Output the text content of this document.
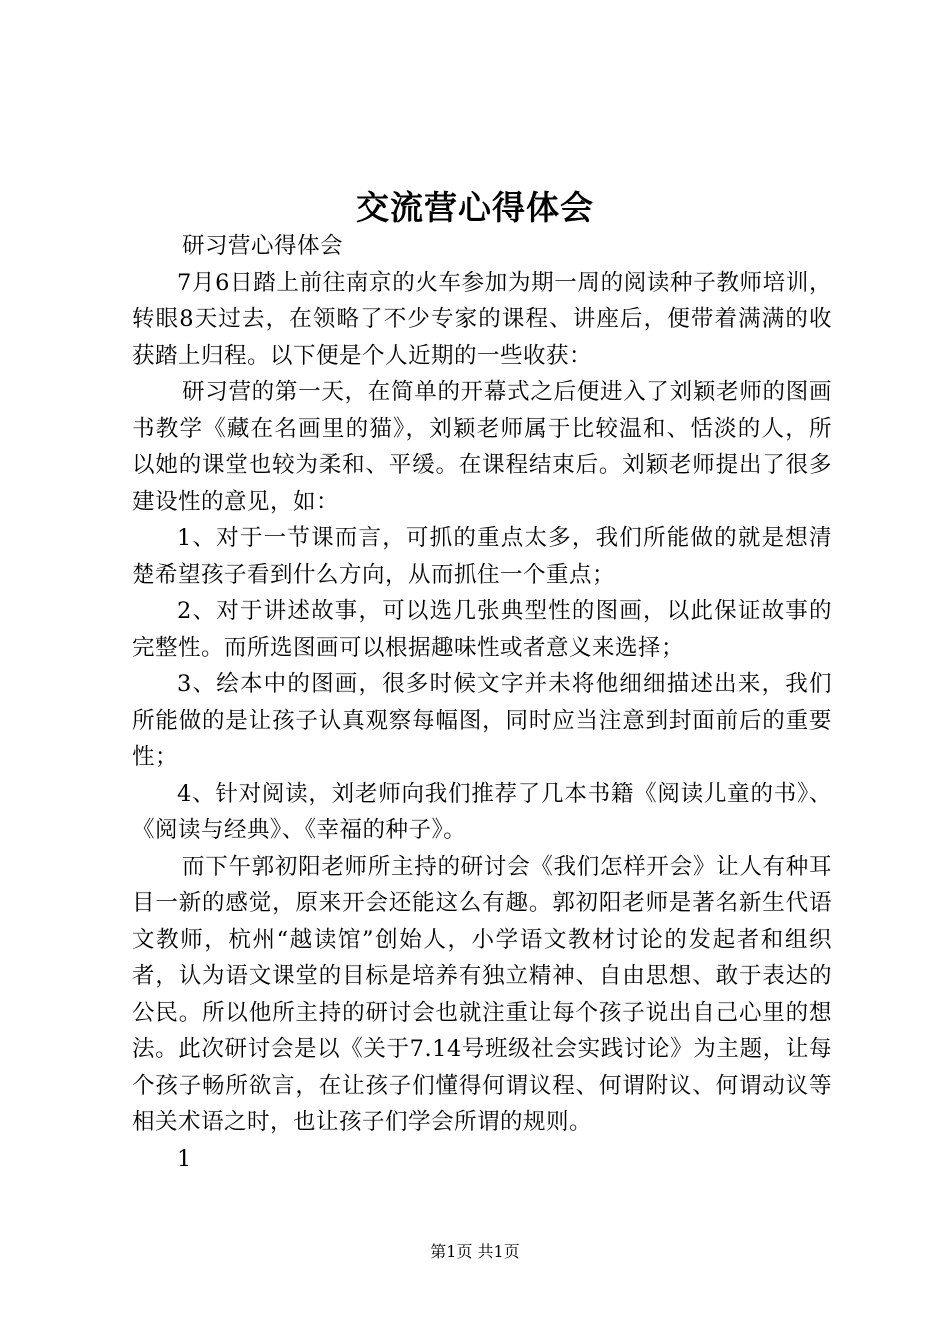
交流营心得体会

研习营心得体会

7月6日踏上前往南京的火车参加为期一周的阅读种子教师培训，转眼8天过去，在领略了不少专家的课程、讲座后，便带着满满的收获踏上归程。以下便是个人近期的一些收获：

研习营的第一天，在简单的开幕式之后便进入了刘颖老师的图画书教学《藏在名画里的猫》，刘颖老师属于比较温和、恬淡的人，所以她的课堂也较为柔和、平缓。在课程结束后。刘颖老师提出了很多建设性的意见，如：

1、对于一节课而言，可抓的重点太多，我们所能做的就是想清楚希望孩子看到什么方向，从而抓住一个重点；

2、对于讲述故事，可以选几张典型性的图画，以此保证故事的完整性。而所选图画可以根据趣味性或者意义来选择；

3、绘本中的图画，很多时候文字并未将他细细描述出来，我们所能做的是让孩子认真观察每幅图，同时应当注意到封面前后的重要性；

4、针对阅读，刘老师向我们推荐了几本书籍《阅读儿童的书》、《阅读与经典》、《幸福的种子》。

而下午郭初阳老师所主持的研讨会《我们怎样开会》让人有种耳目一新的感觉，原来开会还能这么有趣。郭初阳老师是著名新生代语文教师，杭州“越读馆”创始人，小学语文教材讨论的发起者和组织者，认为语文课堂的目标是培养有独立精神、自由思想、敢于表达的公民。所以他所主持的研讨会也就注重让每个孩子说出自己心里的想法。此次研讨会是以《关于7.14号班级社会实践讨论》为主题，让每个孩子畅所欲言，在让孩子们懂得何谓议程、何谓附议、何谓动议等相关术语之时，也让孩子们学会所谓的规则。

1

第1页 共1页
